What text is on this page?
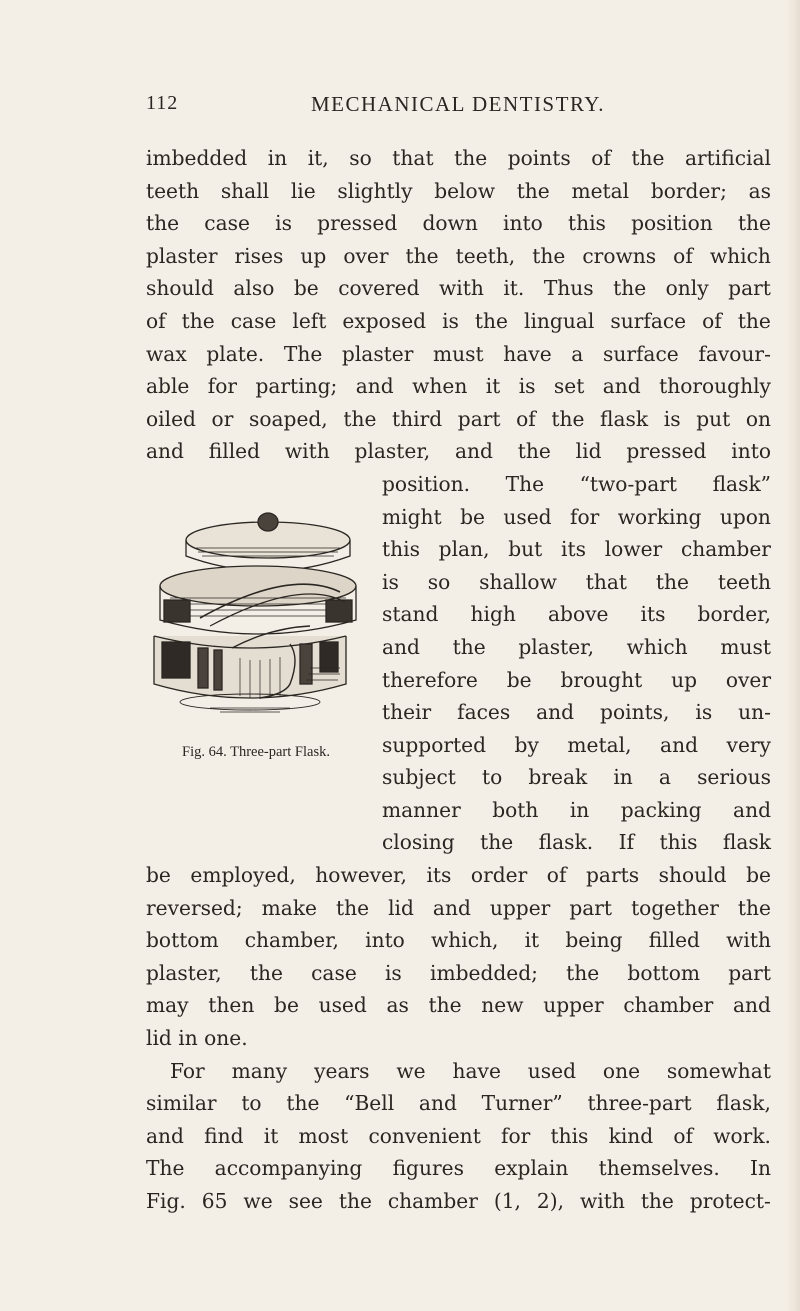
112	MECHANICAL DENTISTRY.
Fig. 64. Three-part Flask.
imbedded in it, so that the points of the artificial
teeth shall lie slightly below the metal border; as
the case is pressed down into this position the
plaster rises up over the teeth, the crowns of which
should also be covered with it. Thus the only part
of the case left exposed is the lingual surface of the
wax plate. The plaster must have a surface favour-
able for parting; and when it is set and thoroughly
oiled or soaped, the third part of the flask is put on
and filled with plaster, and the lid pressed into
position. The “two-part flask”
might be used for working upon
this plan, but its lower chamber
is so shallow that the teeth
stand high above its border,
and the plaster, which must
therefore be brought up over
their faces and points, is un-
supported by metal, and very
subject to break in a serious
manner both in packing and
closing the flask. If this flask
be employed, however, its order of parts should be
reversed; make the lid and upper part together the
bottom chamber, into which, it being filled with
plaster, the case is imbedded; the bottom part
may then be used as the new upper chamber and
lid in one.
For many years we have used one somewhat
similar to the “Bell and Turner” three-part flask,
and find it most convenient for this kind of work.
The accompanying figures explain themselves. In
Fig. 65 we see the chamber (1, 2), with the protect-
